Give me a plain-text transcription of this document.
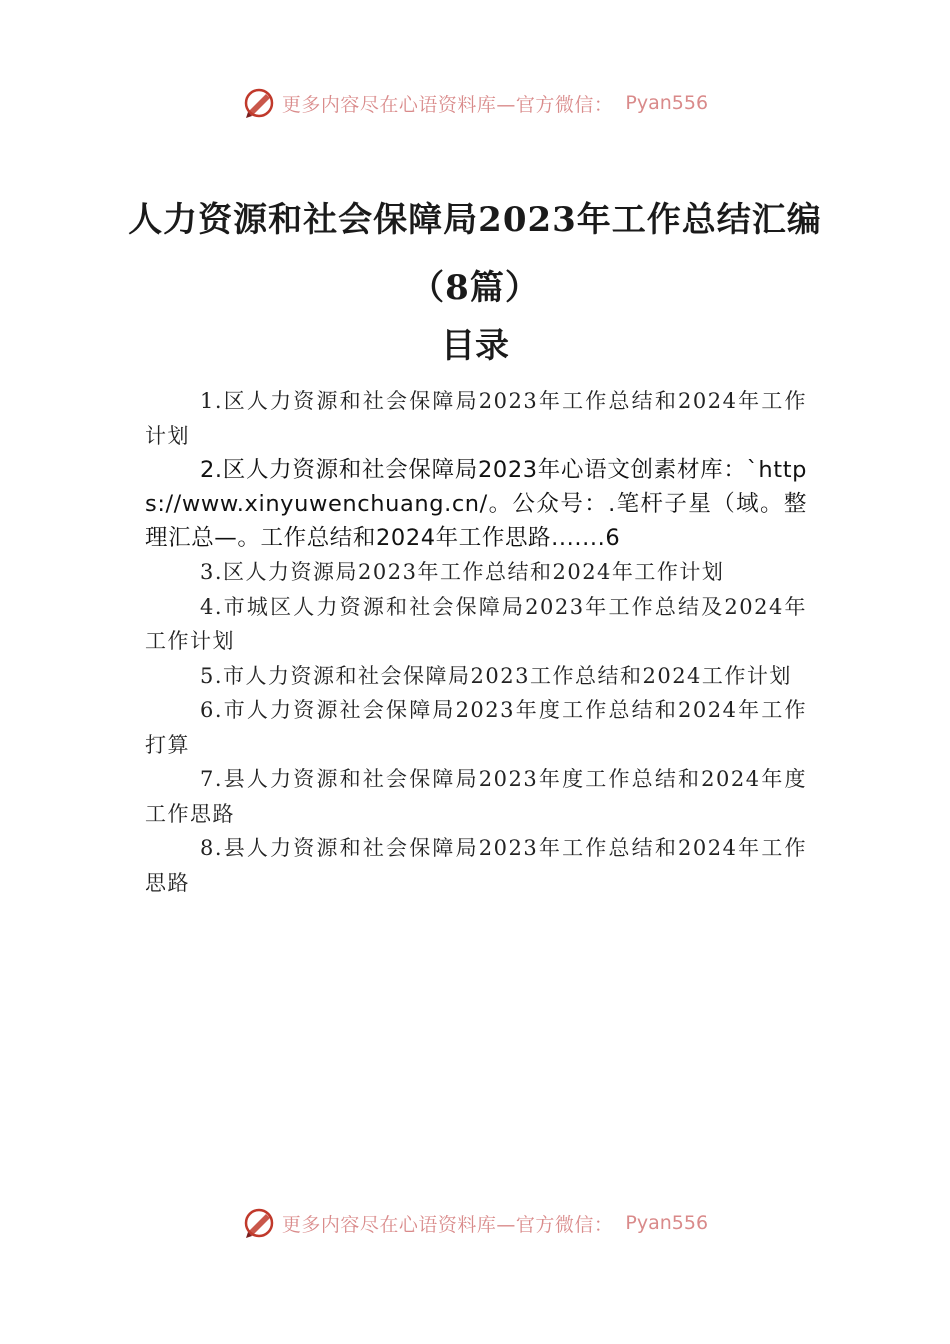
更多内容尽在心语资料库—官方微信： Pyan556
人力资源和社会保障局2023年工作总结汇编（8篇）
目录
1.区人力资源和社会保障局2023年工作总结和2024年工作计划
2.区人力资源和社会保障局2023年心语文创素材库：`https://www.xinyuwenchuang.cn/。公众号：.笔杆子星（域。整理汇总—。工作总结和2024年工作思路.......6
3.区人力资源局2023年工作总结和2024年工作计划
4.市城区人力资源和社会保障局2023年工作总结及2024年工作计划
5.市人力资源和社会保障局2023工作总结和2024工作计划
6.市人力资源社会保障局2023年度工作总结和2024年工作打算
7.县人力资源和社会保障局2023年度工作总结和2024年度工作思路
8.县人力资源和社会保障局2023年工作总结和2024年工作思路
更多内容尽在心语资料库—官方微信： Pyan556
